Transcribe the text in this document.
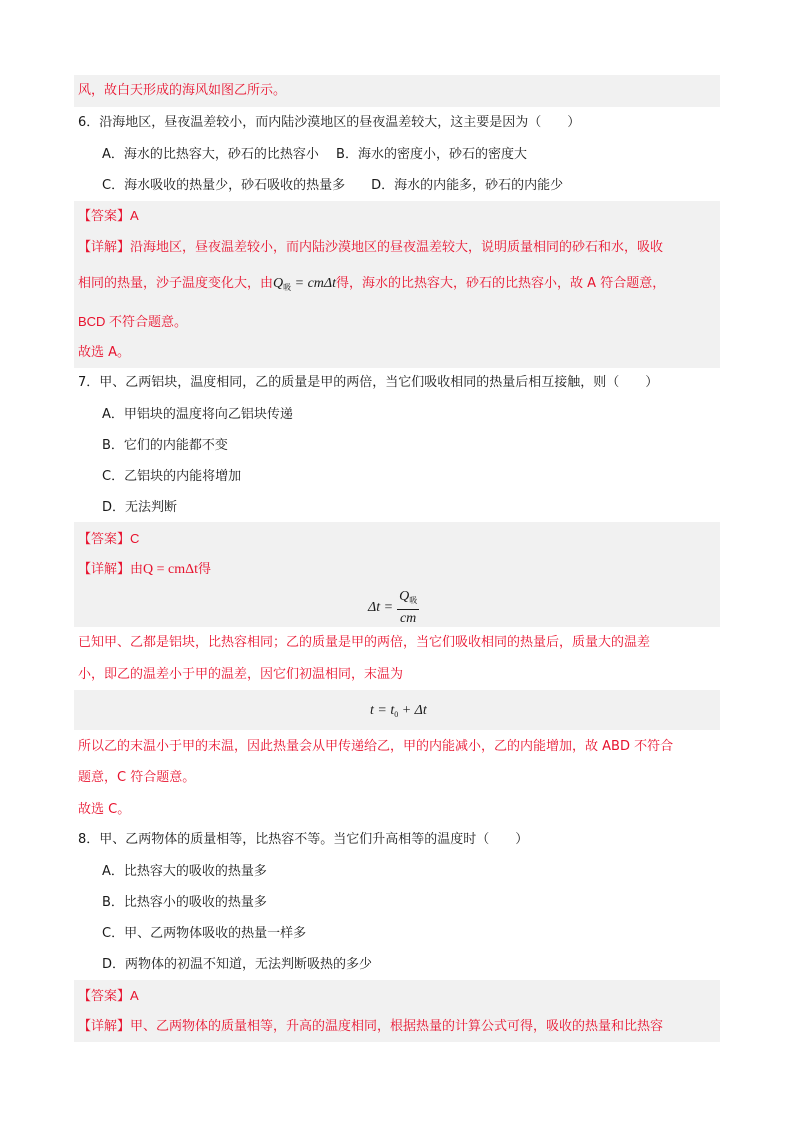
风，故白天形成的海风如图乙所示。
6．沿海地区，昼夜温差较小，而内陆沙漠地区的昼夜温差较大，这主要是因为（　　）
A．海水的比热容大，砂石的比热容小　 B．海水的密度小，砂石的密度大
C．海水吸收的热量少，砂石吸收的热量多　　D．海水的内能多，砂石的内能少
【答案】A
【详解】沿海地区，昼夜温差较小，而内陆沙漠地区的昼夜温差较大，说明质量相同的砂石和水，吸收
相同的热量，沙子温度变化大，由$Q_吸 = cm\Delta t$得，海水的比热容大，砂石的比热容小，故 A 符合题意，
BCD 不符合题意。
故选 A。
7．甲、乙两铝块，温度相同，乙的质量是甲的两倍，当它们吸收相同的热量后相互接触，则（　　）
A．甲铝块的温度将向乙铝块传递
B．它们的内能都不变
C．乙铝块的内能将增加
D．无法判断
【答案】C
【详解】由Q = cmΔt得
$\Delta t = \frac{Q_吸}{cm}$
已知甲、乙都是铝块，比热容相同；乙的质量是甲的两倍，当它们吸收相同的热量后，质量大的温差
小，即乙的温差小于甲的温差，因它们初温相同，末温为
$t = t_0 + \Delta t$
所以乙的末温小于甲的末温，因此热量会从甲传递给乙，甲的内能减小，乙的内能增加，故 ABD 不符合
题意，C 符合题意。
故选 C。
8．甲、乙两物体的质量相等，比热容不等。当它们升高相等的温度时（　　）
A．比热容大的吸收的热量多
B．比热容小的吸收的热量多
C．甲、乙两物体吸收的热量一样多
D．两物体的初温不知道，无法判断吸热的多少
【答案】A
【详解】甲、乙两物体的质量相等，升高的温度相同，根据热量的计算公式可得，吸收的热量和比热容
